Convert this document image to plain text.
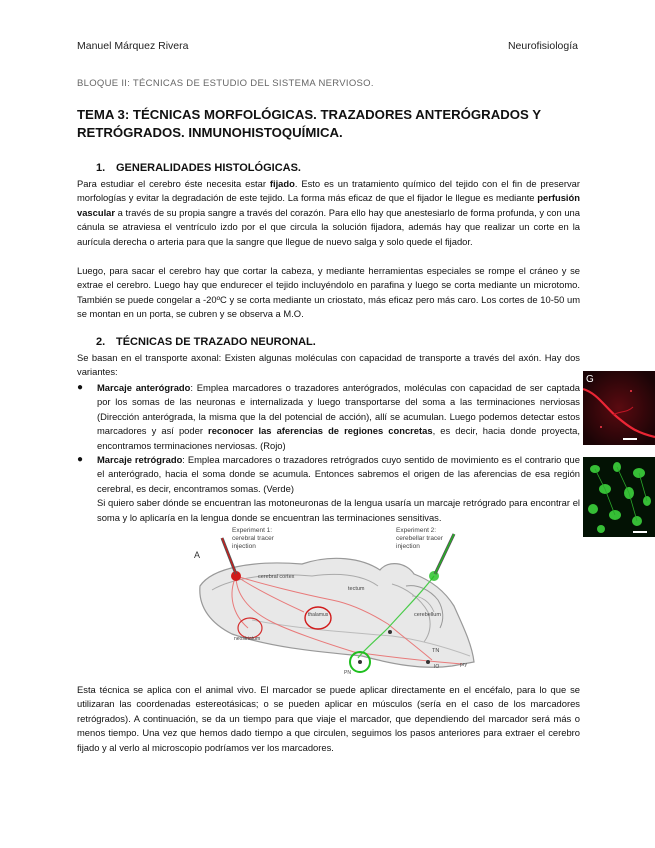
Manuel Márquez Rivera	Neurofisiología
BLOQUE II: TÉCNICAS DE ESTUDIO DEL SISTEMA NERVIOSO.
TEMA 3: TÉCNICAS MORFOLÓGICAS. TRAZADORES ANTERÓGRADOS Y RETRÓGRADOS. INMUNOHISTOQUÍMICA.
1. GENERALIDADES HISTOLÓGICAS.
Para estudiar el cerebro éste necesita estar fijado. Esto es un tratamiento químico del tejido con el fin de preservar morfologías y evitar la degradación de este tejido. La forma más eficaz de que el fijador le llegue es mediante perfusión vascular a través de su propia sangre a través del corazón. Para ello hay que anestesiarlo de forma profunda, y con una cánula se atraviesa el ventrículo izdo por el que circula la solución fijadora, además hay que realizar un corte en la aurícula derecha o arteria para que la sangre que llegue de nuevo salga y solo quede el fijador.
Luego, para sacar el cerebro hay que cortar la cabeza, y mediante herramientas especiales se rompe el cráneo y se extrae el cerebro. Luego hay que endurecer el tejido incluyéndolo en parafina y luego se corta mediante un microtomo. También se puede congelar a -20ºC y se corta mediante un criostato, más eficaz pero más caro. Los cortes de 10-50 um se montan en un porta, se cubren y se observa a M.O.
2. TÉCNICAS DE TRAZADO NEURONAL.
Se basan en el transporte axonal: Existen algunas moléculas con capacidad de transporte a través del axón. Hay dos variantes:
● Marcaje anterógrado: Emplea marcadores o trazadores anterógrados, moléculas con capacidad de ser captada por los somas de las neuronas e internalizada y luego transportarse del soma a las terminaciones nerviosas (Dirección anterógrada, la misma que la del potencial de acción), allí se acumulan. Luego podemos detectar estos marcadores y así poder reconocer las aferencias de regiones concretas, es decir, hacia donde proyecta, encontramos terminaciones nerviosas. (Rojo)
● Marcaje retrógrado: Emplea marcadores o trazadores retrógrados cuyo sentido de movimiento es el contrario que el anterógrado, hacia el soma donde se acumula. Entonces sabremos el origen de las aferencias de esa región cerebral, es decir, encontramos somas. (Verde)
Si quiero saber dónde se encuentran las motoneuronas de la lengua usaría un marcaje retrógrado para encontrar el soma y lo aplicaría en la lengua donde se encuentran las terminaciones sensitivas.
G
A
Experiment 1:
cerebral tracer
injection
Experiment 2:
cerebellar tracer
injection
cerebral cortex
tectum
thalamus
neostriatum
cerebellum
TN
IO
PN
pry
Esta técnica se aplica con el animal vivo. El marcador se puede aplicar directamente en el encéfalo, para lo que se utilizaran las coordenadas estereotásicas; o se pueden aplicar en músculos (sería en el caso de los marcadores retrógrados). A continuación, se da un tiempo para que viaje el marcador, que dependiendo del marcador será más o menos tiempo. Una vez que hemos dado tiempo a que circulen, seguimos los pasos anteriores para extraer el cerebro fijado y al verlo al microscopio podríamos ver los marcadores.
